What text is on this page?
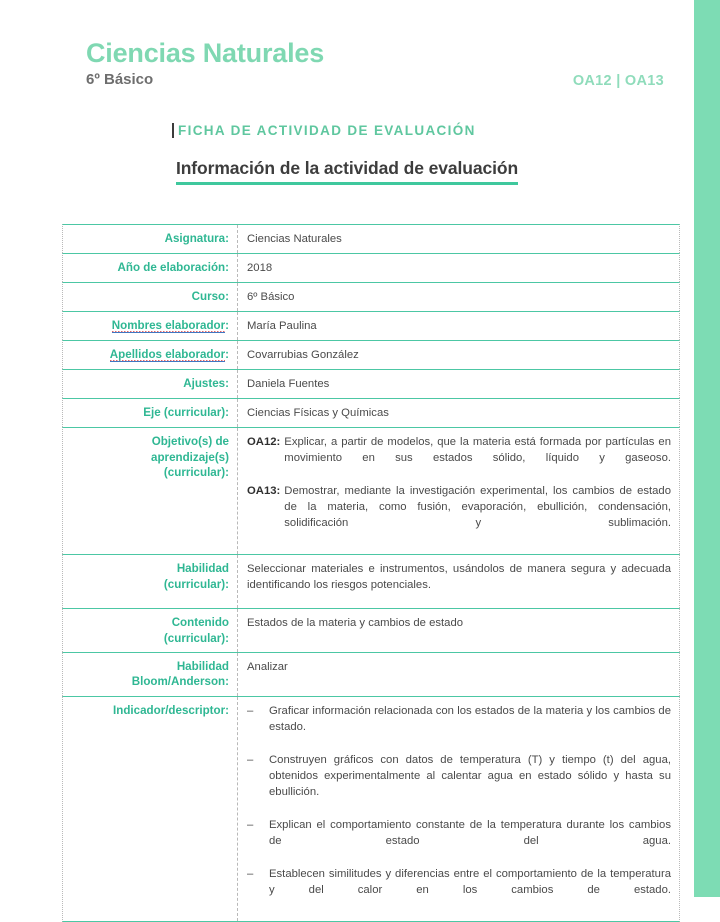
Ciencias Naturales
6º Básico	OA12 | OA13
FICHA DE ACTIVIDAD DE EVALUACIÓN
Información de la actividad de evaluación
Asignatura:	Ciencias Naturales
Año de elaboración:	2018
Curso:	6º Básico
Nombres elaborador:	María Paulina
Apellidos elaborador:	Covarrubias González
Ajustes:	Daniela Fuentes
Eje (curricular):	Ciencias Físicas y Químicas
Objetivo(s) de
aprendizaje(s)
(curricular):
OA12: Explicar, a partir de modelos, que la materia está formada por partículas en movimiento en sus estados sólido, líquido y gaseoso.
OA13: Demostrar, mediante la investigación experimental, los cambios de estado de la materia, como fusión, evaporación, ebullición, condensación, solidificación y sublimación.
Habilidad
(curricular):
Seleccionar materiales e instrumentos, usándolos de manera segura y adecuada identificando los riesgos potenciales.
Contenido
(curricular):
Estados de la materia y cambios de estado
Habilidad
Bloom/Anderson:
Analizar
Indicador/descriptor:	–	Graficar información relacionada con los estados de la materia y los cambios de estado.
–	Construyen gráficos con datos de temperatura (T) y tiempo (t) del agua, obtenidos experimentalmente al calentar agua en estado sólido y hasta su ebullición.
–	Explican el comportamiento constante de la temperatura durante los cambios de estado del agua.
–	Establecen similitudes y diferencias entre el comportamiento de la temperatura y del calor en los cambios de estado.
